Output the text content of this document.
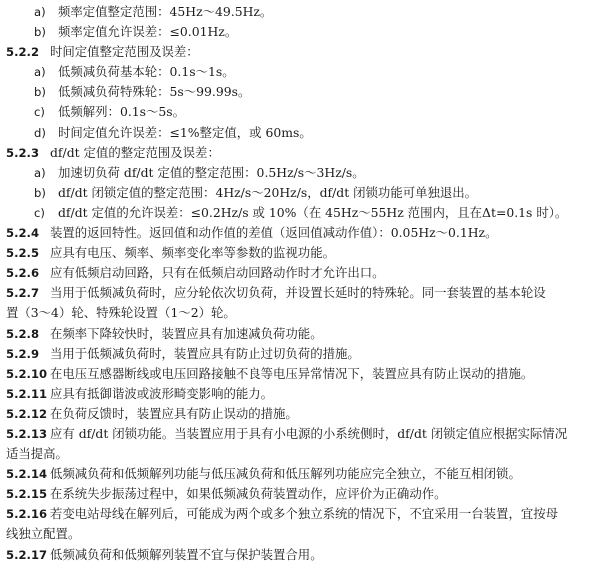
a) 频率定值整定范围：45Hz～49.5Hz。
b) 频率定值允许误差：≤0.01Hz。
5.2.2 时间定值整定范围及误差：
a) 低频减负荷基本轮：0.1s～1s。
b) 低频减负荷特殊轮：5s～99.99s。
c) 低频解列：0.1s～5s。
d) 时间定值允许误差：≤1%整定值，或 60ms。
5.2.3 df/dt 定值的整定范围及误差：
a) 加速切负荷 df/dt 定值的整定范围：0.5Hz/s～3Hz/s。
b) df/dt 闭锁定值的整定范围：4Hz/s～20Hz/s，df/dt 闭锁功能可单独退出。
c) df/dt 定值的允许误差：≤0.2Hz/s 或 10%（在 45Hz～55Hz 范围内，且在Δt=0.1s 时）。
5.2.4 装置的返回特性。返回值和动作值的差值（返回值减动作值）：0.05Hz～0.1Hz。
5.2.5 应具有电压、频率、频率变化率等参数的监视功能。
5.2.6 应有低频启动回路，只有在低频启动回路动作时才允许出口。
5.2.7 当用于低频减负荷时，应分轮依次切负荷，并设置长延时的特殊轮。同一套装置的基本轮设
置（3～4）轮、特殊轮设置（1～2）轮。
5.2.8 在频率下降较快时，装置应具有加速减负荷功能。
5.2.9 当用于低频减负荷时，装置应具有防止过切负荷的措施。
5.2.10 在电压互感器断线或电压回路接触不良等电压异常情况下，装置应具有防止误动的措施。
5.2.11 应具有抵御谐波或波形畸变影响的能力。
5.2.12 在负荷反馈时，装置应具有防止误动的措施。
5.2.13 应有 df/dt 闭锁功能。当装置应用于具有小电源的小系统侧时，df/dt 闭锁定值应根据实际情况
适当提高。
5.2.14 低频减负荷和低频解列功能与低压减负荷和低压解列功能应完全独立，不能互相闭锁。
5.2.15 在系统失步振荡过程中，如果低频减负荷装置动作，应评价为正确动作。
5.2.16 若变电站母线在解列后，可能成为两个或多个独立系统的情况下，不宜采用一台装置，宜按母
线独立配置。
5.2.17 低频减负荷和低频解列装置不宜与保护装置合用。
